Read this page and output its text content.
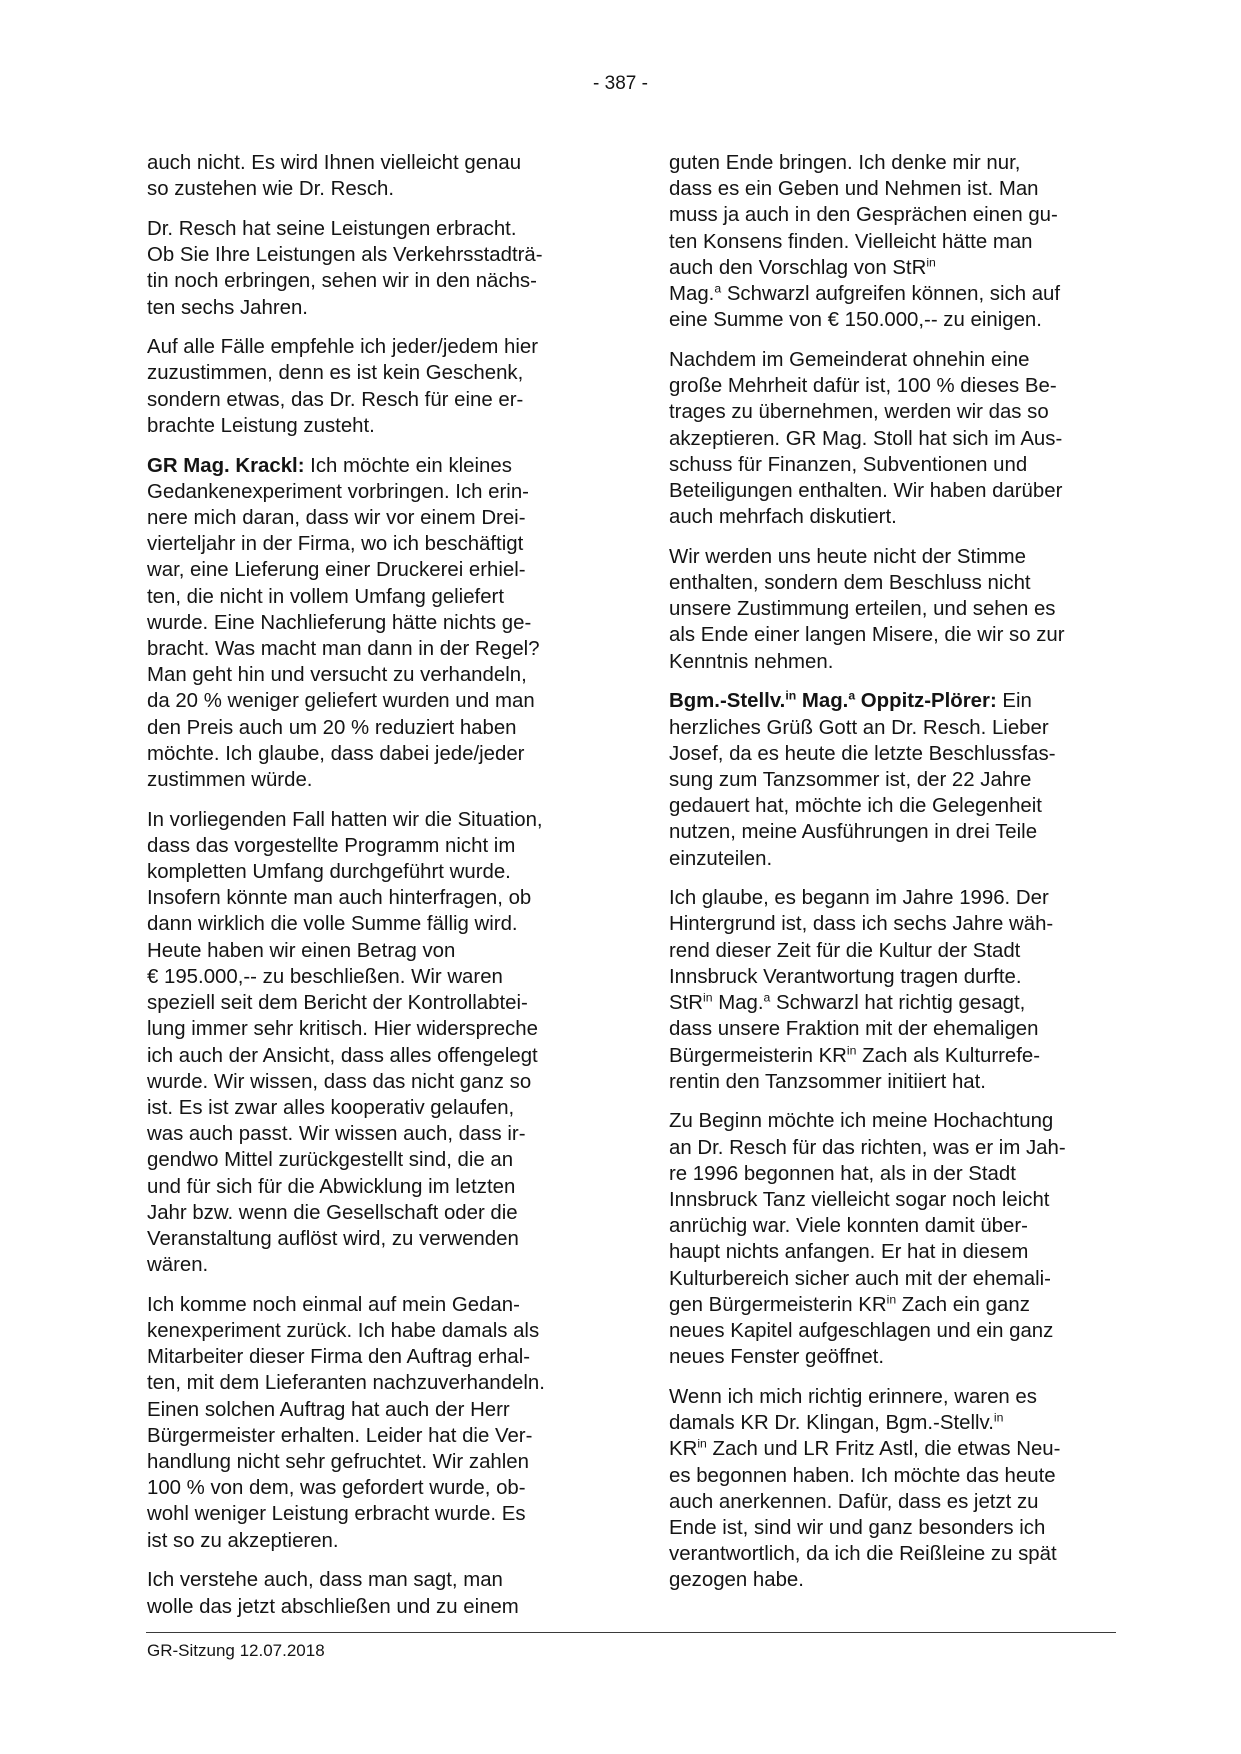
- 387 -

auch nicht. Es wird Ihnen vielleicht genau
so zustehen wie Dr. Resch.

Dr. Resch hat seine Leistungen erbracht.
Ob Sie Ihre Leistungen als Verkehrsstadträ-
tin noch erbringen, sehen wir in den nächs-
ten sechs Jahren.

Auf alle Fälle empfehle ich jeder/jedem hier
zuzustimmen, denn es ist kein Geschenk,
sondern etwas, das Dr. Resch für eine er-
brachte Leistung zusteht.

GR Mag. Krackl: Ich möchte ein kleines
Gedankenexperiment vorbringen. Ich erin-
nere mich daran, dass wir vor einem Drei-
vierteljahr in der Firma, wo ich beschäftigt
war, eine Lieferung einer Druckerei erhiel-
ten, die nicht in vollem Umfang geliefert
wurde. Eine Nachlieferung hätte nichts ge-
bracht. Was macht man dann in der Regel?
Man geht hin und versucht zu verhandeln,
da 20 % weniger geliefert wurden und man
den Preis auch um 20 % reduziert haben
möchte. Ich glaube, dass dabei jede/jeder
zustimmen würde.

In vorliegenden Fall hatten wir die Situation,
dass das vorgestellte Programm nicht im
kompletten Umfang durchgeführt wurde.
Insofern könnte man auch hinterfragen, ob
dann wirklich die volle Summe fällig wird.
Heute haben wir einen Betrag von
€ 195.000,-- zu beschließen. Wir waren
speziell seit dem Bericht der Kontrollabtei-
lung immer sehr kritisch. Hier widerspreche
ich auch der Ansicht, dass alles offengelegt
wurde. Wir wissen, dass das nicht ganz so
ist. Es ist zwar alles kooperativ gelaufen,
was auch passt. Wir wissen auch, dass ir-
gendwo Mittel zurückgestellt sind, die an
und für sich für die Abwicklung im letzten
Jahr bzw. wenn die Gesellschaft oder die
Veranstaltung auflöst wird, zu verwenden
wären.

Ich komme noch einmal auf mein Gedan-
kenexperiment zurück. Ich habe damals als
Mitarbeiter dieser Firma den Auftrag erhal-
ten, mit dem Lieferanten nachzuverhandeln.
Einen solchen Auftrag hat auch der Herr
Bürgermeister erhalten. Leider hat die Ver-
handlung nicht sehr gefruchtet. Wir zahlen
100 % von dem, was gefordert wurde, ob-
wohl weniger Leistung erbracht wurde. Es
ist so zu akzeptieren.

Ich verstehe auch, dass man sagt, man
wolle das jetzt abschließen und zu einem

guten Ende bringen. Ich denke mir nur,
dass es ein Geben und Nehmen ist. Man
muss ja auch in den Gesprächen einen gu-
ten Konsens finden. Vielleicht hätte man
auch den Vorschlag von StR$^{in}$
Mag.$^a$ Schwarzl aufgreifen können, sich auf
eine Summe von € 150.000,-- zu einigen.

Nachdem im Gemeinderat ohnehin eine
große Mehrheit dafür ist, 100 % dieses Be-
trages zu übernehmen, werden wir das so
akzeptieren. GR Mag. Stoll hat sich im Aus-
schuss für Finanzen, Subventionen und
Beteiligungen enthalten. Wir haben darüber
auch mehrfach diskutiert.

Wir werden uns heute nicht der Stimme
enthalten, sondern dem Beschluss nicht
unsere Zustimmung erteilen, und sehen es
als Ende einer langen Misere, die wir so zur
Kenntnis nehmen.

Bgm.-Stellv.$^{in}$ Mag.$^a$ Oppitz-Plörer: Ein
herzliches Grüß Gott an Dr. Resch. Lieber
Josef, da es heute die letzte Beschlussfas-
sung zum Tanzsommer ist, der 22 Jahre
gedauert hat, möchte ich die Gelegenheit
nutzen, meine Ausführungen in drei Teile
einzuteilen.

Ich glaube, es begann im Jahre 1996. Der
Hintergrund ist, dass ich sechs Jahre wäh-
rend dieser Zeit für die Kultur der Stadt
Innsbruck Verantwortung tragen durfte.
StR$^{in}$ Mag.$^a$ Schwarzl hat richtig gesagt,
dass unsere Fraktion mit der ehemaligen
Bürgermeisterin $KR^{in}$ Zach als Kulturrefe-
rentin den Tanzsommer initiiert hat.

Zu Beginn möchte ich meine Hochachtung
an Dr. Resch für das richten, was er im Jah-
re 1996 begonnen hat, als in der Stadt
Innsbruck Tanz vielleicht sogar noch leicht
anrüchig war. Viele konnten damit über-
haupt nichts anfangen. Er hat in diesem
Kulturbereich sicher auch mit der ehemali-
gen Bürgermeisterin $KR^{in}$ Zach ein ganz
neues Kapitel aufgeschlagen und ein ganz
neues Fenster geöffnet.

Wenn ich mich richtig erinnere, waren es
damals KR Dr. Klingan, Bgm.-Stellv.$^{in}$
$KR^{in}$ Zach und LR Fritz Astl, die etwas Neu-
es begonnen haben. Ich möchte das heute
auch anerkennen. Dafür, dass es jetzt zu
Ende ist, sind wir und ganz besonders ich
verantwortlich, da ich die Reißleine zu spät
gezogen habe.

GR-Sitzung 12.07.2018
